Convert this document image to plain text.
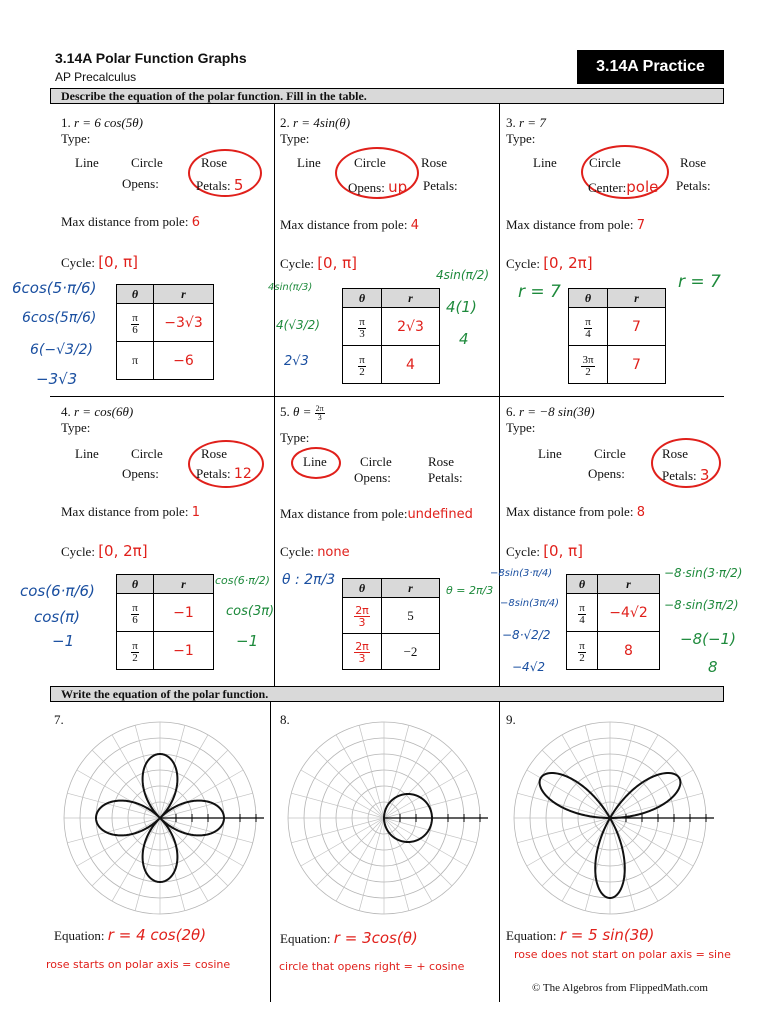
3.14A Polar Function Graphs
AP Precalculus
3.14A Practice
Describe the equation of the polar function. Fill in the table.
Write the equation of the polar function.
1. r = 6 cos(5θ)
Type:
Line Circle
Opens:
Rose
Petals: 5
Max distance from pole: 6
Cycle: [0, π]
θ	r

$\frac{\pi}{6}$	−3√3
π	−6
6cos(5·π/6)
6cos(5π/6)
6(−√3/2)
−3√3
2. r = 4sin(θ)
Type:
Line	Circle
Opens: up
Rose
Petals:
Max distance from pole: 4
Cycle: [0, π]
θ	r

$\frac{\pi}{3}$	2√3

$\frac{\pi}{2}$	4
4sin(π/3)
4(√3/2)
2√3
4sin(π/2)
4(1)
4
3. r = 7
Type:
Line Circle
Center:pole
Rose
Petals:
Max distance from pole: 7
Cycle: [0, 2π]
θ	r

$\frac{\pi}{4}$	7

$\frac{3\pi}{2}$	7
r = 7	r = 7
4. r = cos(6θ)
Type:
Line Circle
Opens:
Rose
Petals: 12
Max distance from pole: 1
Cycle: [0, 2π]
θ	r

$\frac{\pi}{6}$	−1

$\frac{\pi}{2}$	−1
cos(6·π/6)
cos(π)
−1
cos(6·π/2)
cos(3π)
−1
5. $\theta = \frac{2\pi}{3}$
Type:
Line	Circle
Opens:
Rose
Petals:
Max distance from pole:undefined
Cycle: none
θ	r

$\frac{2\pi}{3}$	5

$\frac{2\pi}{3}$	−2
θ : 2π/3
6. r = −8 sin(3θ)
Type:
Line Circle
Opens:
Rose
Petals: 3
Max distance from pole: 8
Cycle: [0, π]
θ	r

$\frac{\pi}{4}$	−4√2

$\frac{\pi}{2}$	8
θ = 2π/3
−8sin(3·π/4)
−8sin(3π/4)
−8·√2/2
−4√2
−8·sin(3·π/2)
−8·sin(3π/2)
−8(−1)
8
7.	8.	9.
Equation: r = 4 cos(2θ)
rose starts on polar axis = cosine
Equation: r = 3cos(θ)
circle that opens right = + cosine
Equation: r = 5 sin(3θ)
rose does not start on polar axis = sine
© The Algebros from FlippedMath.com
